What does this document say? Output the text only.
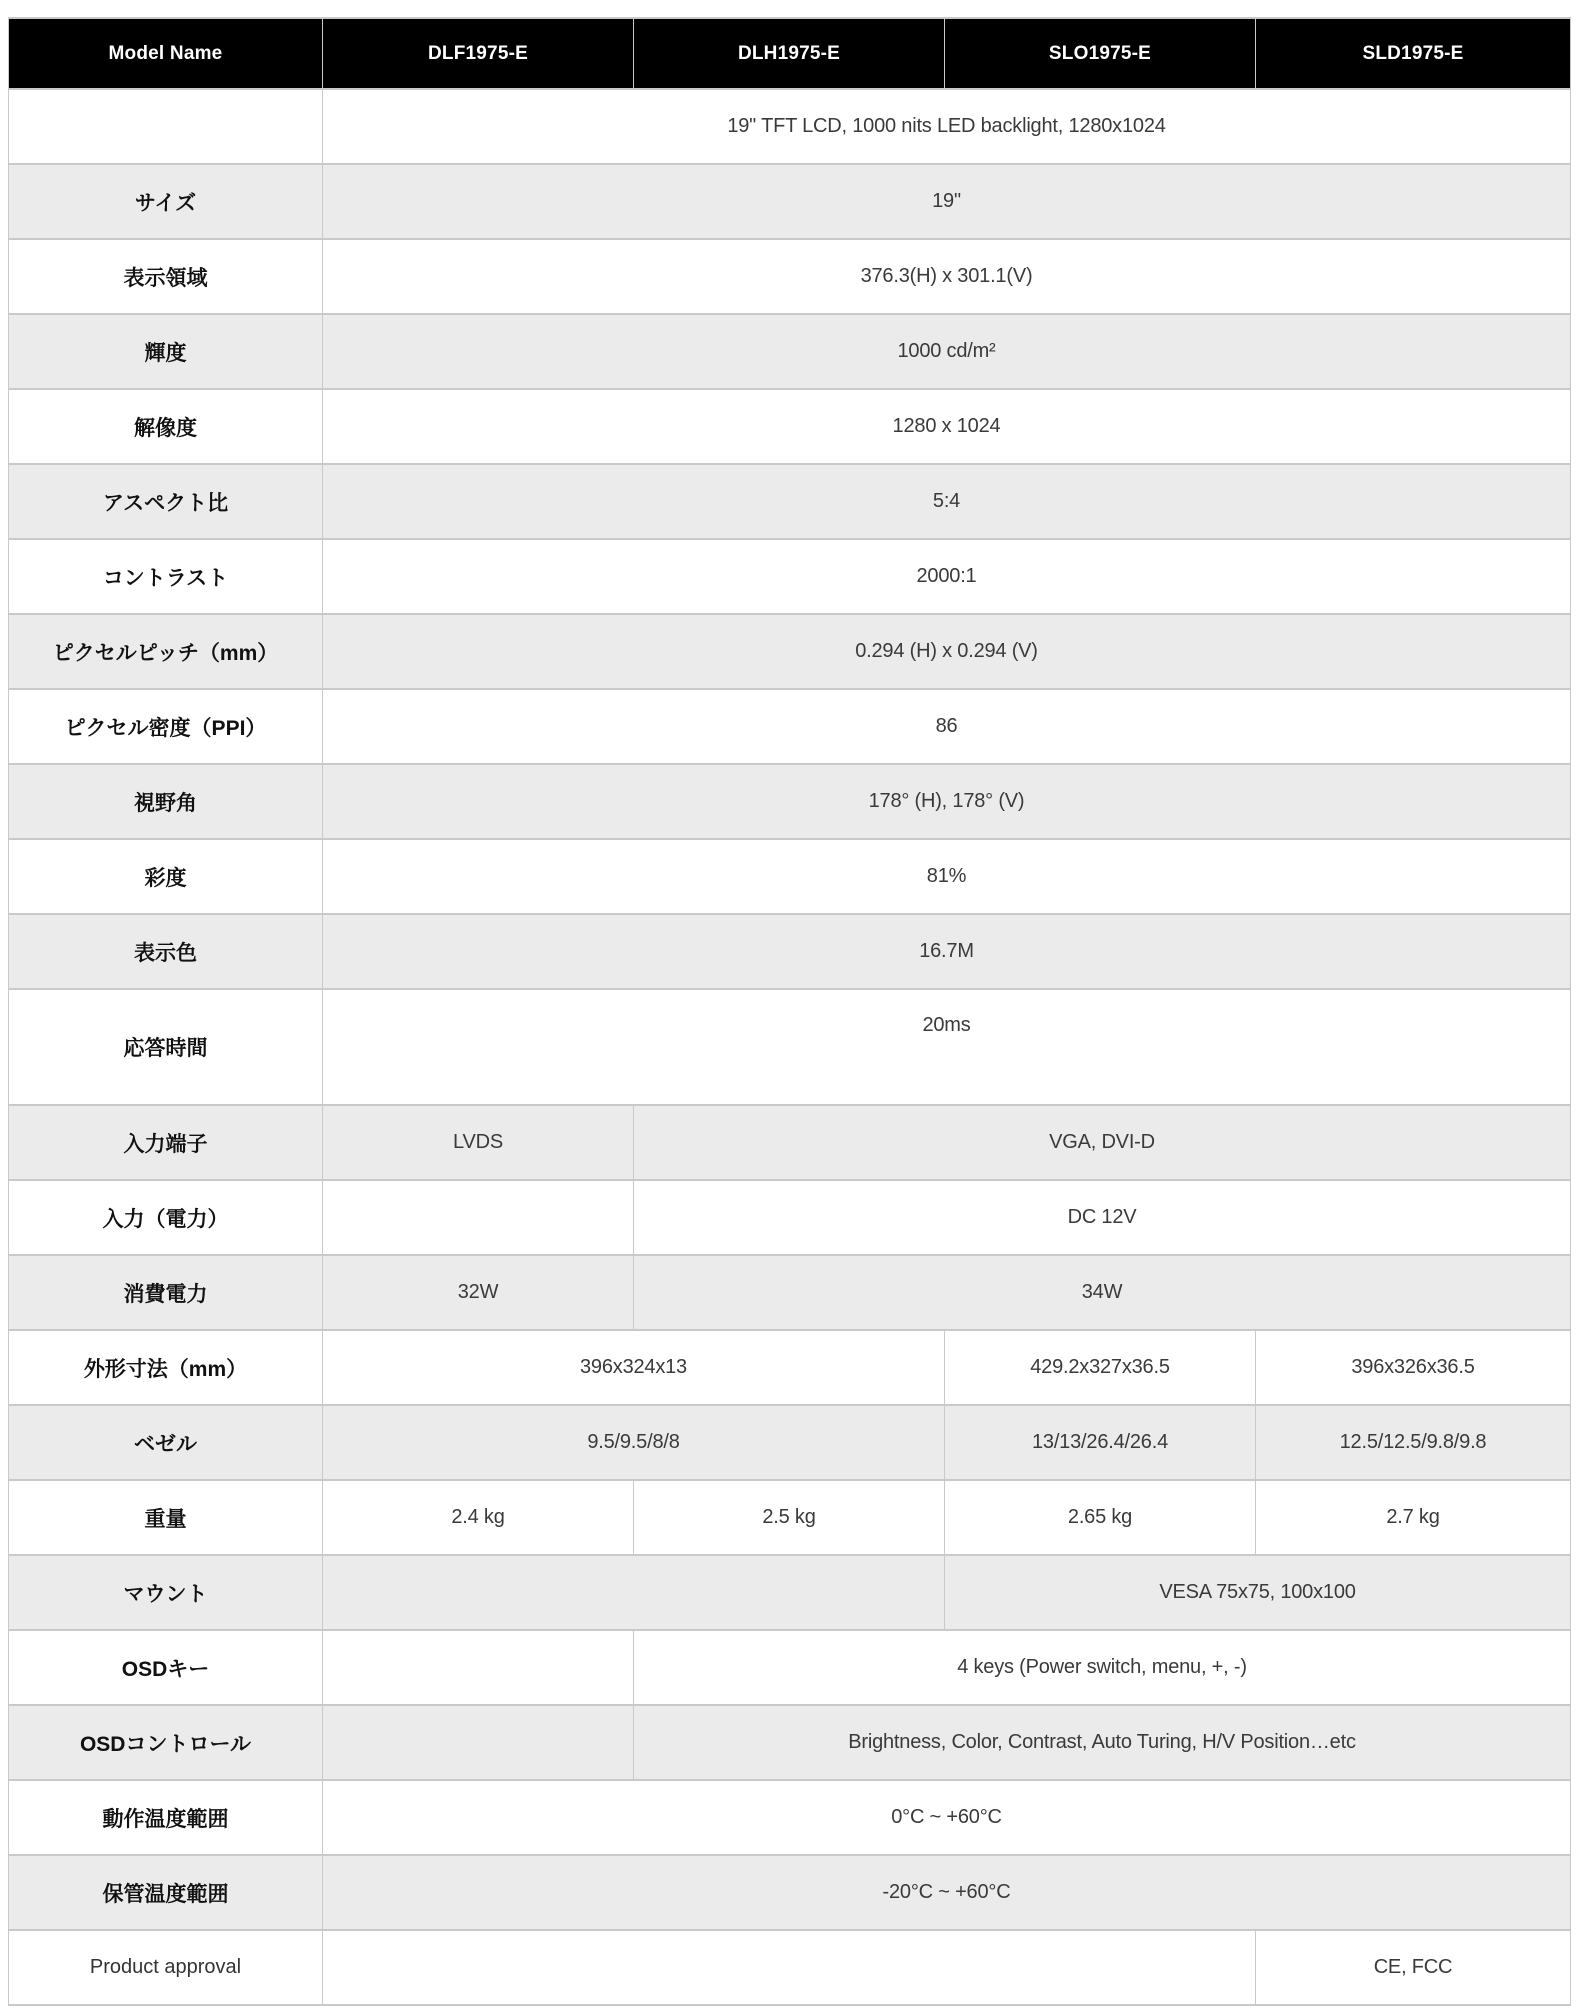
Model Name	DLF1975-E	DLH1975-E	SLO1975-E	SLD1975-E
	19" TFT LCD, 1000 nits LED backlight, 1280x1024			
サイズ	19"			
表示領域	376.3(H) x 301.1(V)			
輝度	1000 cd/m²			
解像度	1280 x 1024			
アスペクト比	5:4			
コントラスト	2000:1			
ピクセルピッチ（mm）	0.294 (H) x 0.294 (V)			
ピクセル密度（PPI）	86			
視野角	178° (H), 178° (V)			
彩度	81%			
表示色	16.7M			
応答時間	20ms			
入力端子	LVDS	VGA, DVI-D		
入力（電力）		DC 12V		
消費電力	32W	34W		
外形寸法（mm）	396x324x13		429.2x327x36.5	396x326x36.5
ベゼル	9.5/9.5/8/8		13/13/26.4/26.4	12.5/12.5/9.8/9.8
重量	2.4 kg	2.5 kg	2.65 kg	2.7 kg
マウント			VESA 75x75, 100x100	
OSDキー		4 keys (Power switch, menu, +, -)		
OSDコントロール		Brightness, Color, Contrast, Auto Turing, H/V Position…etc		
動作温度範囲	0°C ~ +60°C			
保管温度範囲	-20°C ~ +60°C			
Product approval				CE, FCC
